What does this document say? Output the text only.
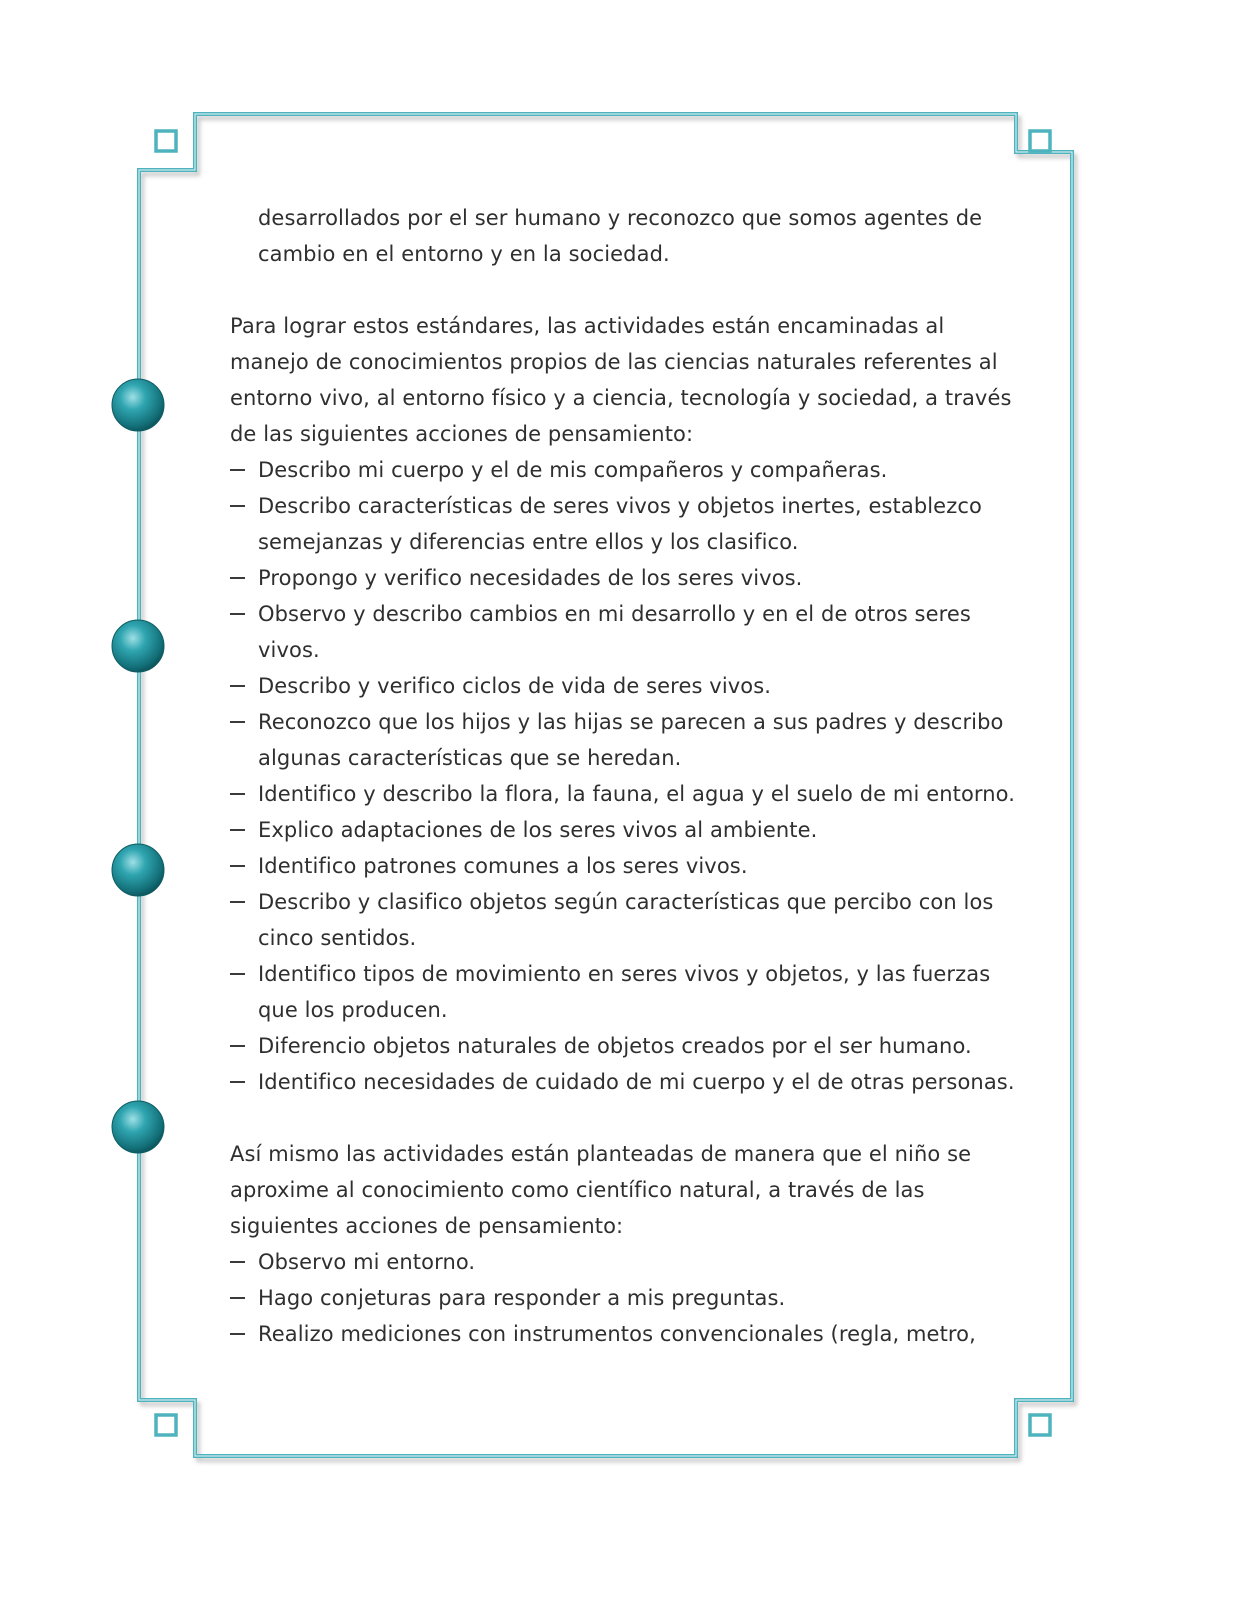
desarrollados por el ser humano y reconozco que somos agentes de cambio en el entorno y en la sociedad.

Para lograr estos estándares, las actividades están encaminadas al manejo de conocimientos propios de las ciencias naturales referentes al entorno vivo, al entorno físico y a ciencia, tecnología y sociedad, a través de las siguientes acciones de pensamiento:

Describo mi cuerpo y el de mis compañeros y compañeras.
Describo características de seres vivos y objetos inertes, establezco semejanzas y diferencias entre ellos y los clasifico.
Propongo y verifico necesidades de los seres vivos.
Observo y describo cambios en mi desarrollo y en el de otros seres vivos.
Describo y verifico ciclos de vida de seres vivos.
Reconozco que los hijos y las hijas se parecen a sus padres y describo algunas características que se heredan.
Identifico y describo la flora, la fauna, el agua y el suelo de mi entorno.
Explico adaptaciones de los seres vivos al ambiente.
Identifico patrones comunes a los seres vivos.
Describo y clasifico objetos según características que percibo con los cinco sentidos.
Identifico tipos de movimiento en seres vivos y objetos, y las fuerzas que los producen.
Diferencio objetos naturales de objetos creados por el ser humano.
Identifico necesidades de cuidado de mi cuerpo y el de otras personas.

Así mismo las actividades están planteadas de manera que el niño se aproxime al conocimiento como científico natural, a través de las siguientes acciones de pensamiento:

Observo mi entorno.
Hago conjeturas para responder a mis preguntas.
Realizo mediciones con instrumentos convencionales (regla, metro,
